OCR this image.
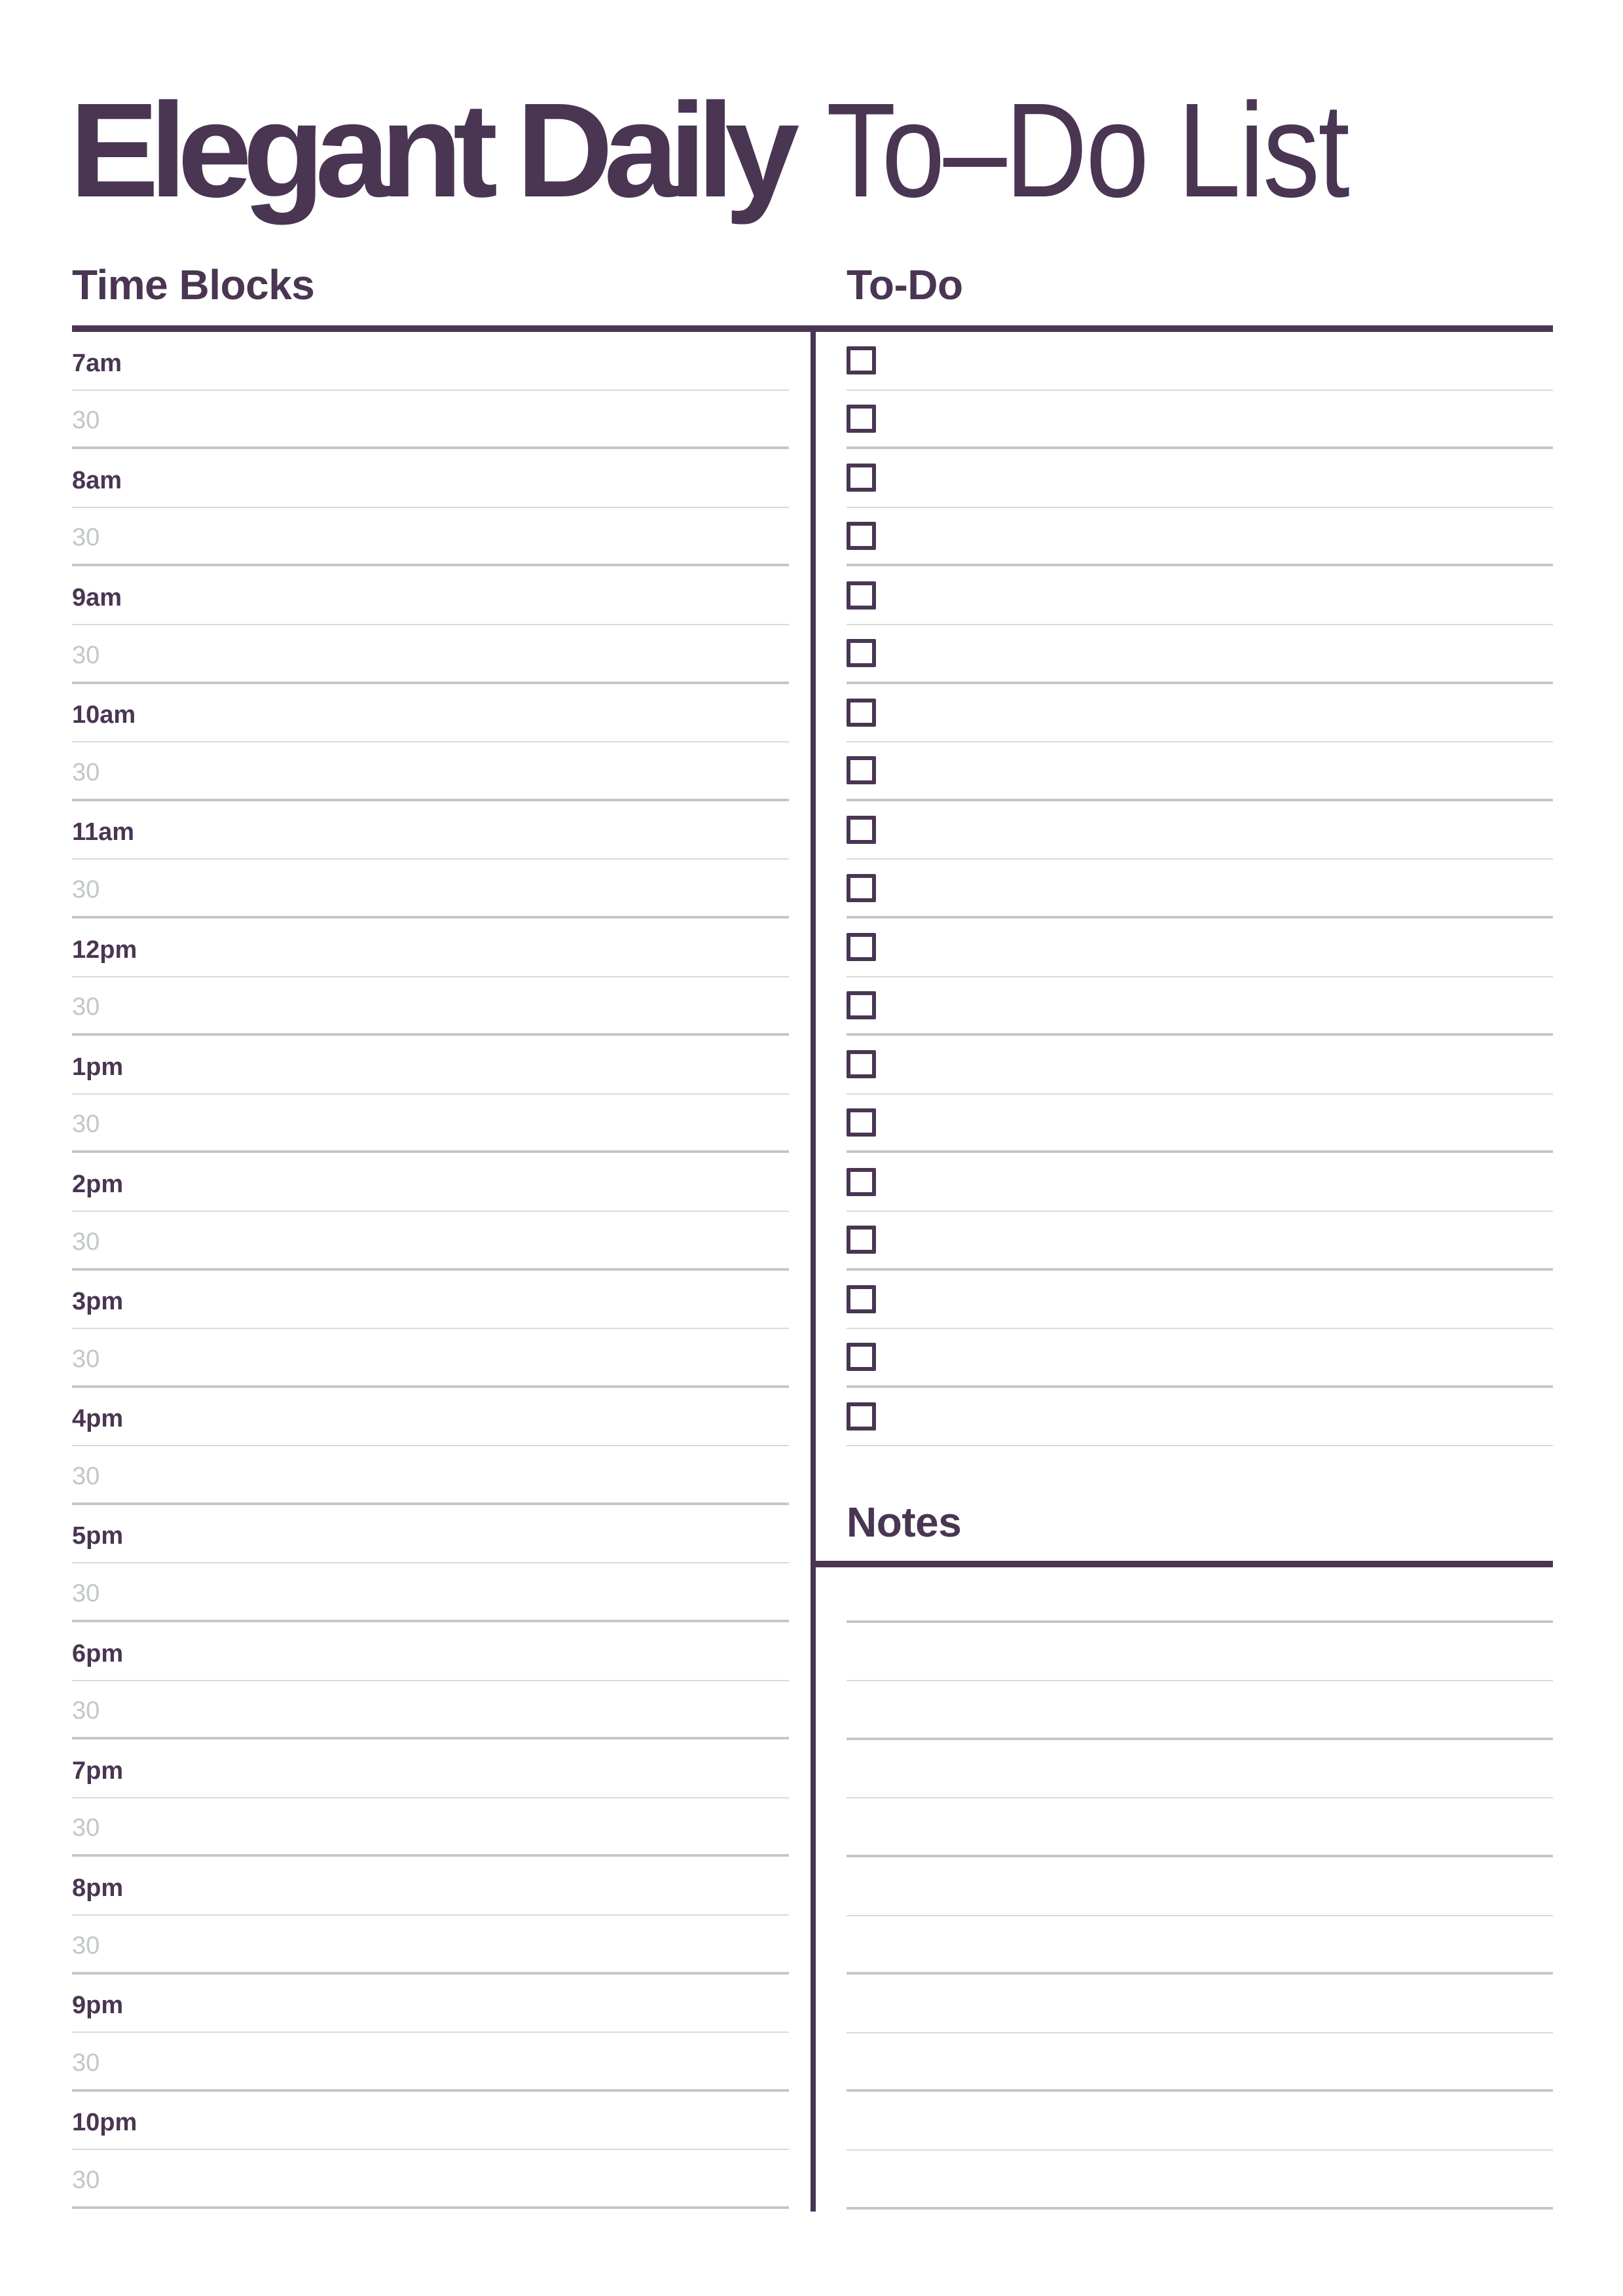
Elegant Daily To–Do List
Time Blocks	To-Do
7am
30
8am
30
9am
30
10am
30
11am
30
12pm
30
1pm
30
2pm
30
3pm
30
4pm
30
5pm
30
6pm
30
7pm
30
8pm
30
9pm
30
10pm
30
Notes
